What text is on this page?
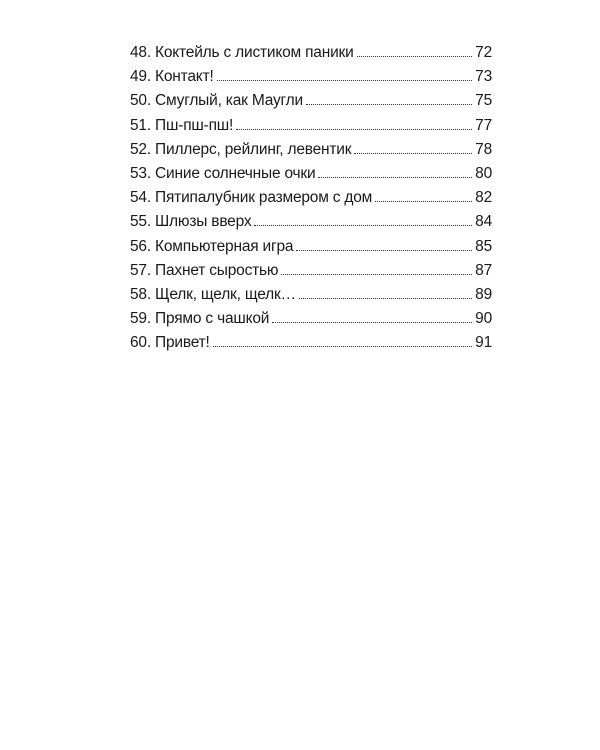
48. Коктейль с листиком паники	72
49. Контакт!	73
50. Смуглый, как Маугли	75
51. Пш-пш-пш!	77
52. Пиллерс, рейлинг, левентик	78
53. Синие солнечные очки	80
54. Пятипалубник размером с дом	82
55. Шлюзы вверх	84
56. Компьютерная игра	85
57. Пахнет сыростью	87
58. Щелк, щелк, щелк…	89
59. Прямо с чашкой	90
60. Привет!	91
